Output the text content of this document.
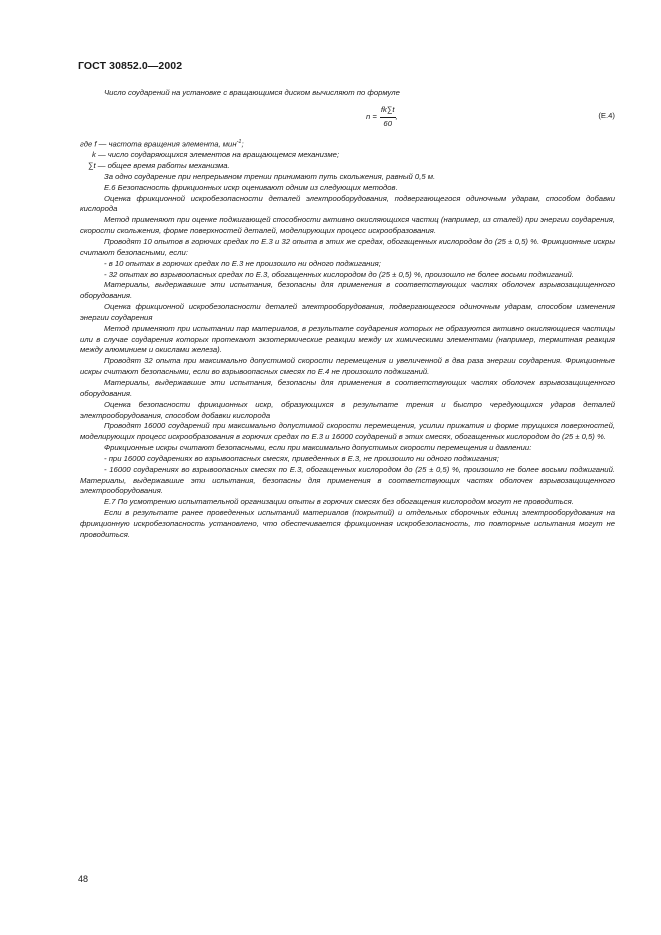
ГОСТ 30852.0—2002

Число соударений на установке с вращающимся диском вычисляют по формуле

$n = \frac{fk\sum t}{60}$ ,	(E.4)

где f — частота вращения элемента, мин$^{-1}$;

k — число соударяющихся элементов на вращающемся механизме;

∑t — общее время работы механизма.

За одно соударение при непрерывном трении принимают путь скольжения, равный 0,5 м.

Е.6 Безопасность фрикционных искр оценивают одним из следующих методов.

Оценка фрикционной искробезопасности деталей электрооборудования, подвергающегося одиночным ударам, способом добавки кислорода

Метод применяют при оценке поджигающей способности активно окисляющихся частиц (например, из сталей) при энергии соударения, скорости скольжения, форме поверхностей деталей, моделирующих процесс искрообразования.

Проводят 10 опытов в горючих средах по Е.3 и 32 опыта в этих же средах, обогащенных кислородом до (25 ± 0,5) %. Фрикционные искры считают безопасными, если:

- в 10 опытах в горючих средах по Е.3 не произошло ни одного поджигания;

- 32 опытах во взрывоопасных средах по Е.3, обогащенных кислородом до (25 ± 0,5) %, произошло не более восьми поджиганий.

Материалы, выдержавшие эти испытания, безопасны для применения в соответствующих частях оболочек взрывозащищенного оборудования.

Оценка фрикционной искробезопасности деталей электрооборудования, подвергающегося одиночным ударам, способом изменения энергии соударения

Метод применяют при испытании пар материалов, в результате соударения которых не образуются активно окисляющиеся частицы или в случае соударения которых протекают экзотермические реакции между их химическими элементами (например, термитная реакция между алюминием и окислами железа).

Проводят 32 опыта при максимально допустимой скорости перемещения и увеличенной в два раза энергии соударения. Фрикционные искры считают безопасными, если во взрывоопасных смесях по Е.4 не произошло поджиганий.

Материалы, выдержавшие эти испытания, безопасны для применения в соответствующих частях оболочек взрывозащищенного оборудования.

Оценка безопасности фрикционных искр, образующихся в результате трения и быстро чередующихся ударов деталей электрооборудования, способом добавки кислорода

Проводят 16000 соударений при максимально допустимой скорости перемещения, усилии прижатия и форме трущихся поверхностей, моделирующих процесс искрообразования в горючих средах по Е.3 и 16000 соударений в этих смесях, обогащенных кислородом до (25 ± 0,5) %.

Фрикционные искры считают безопасными, если при максимально допустимых скорости перемещения и давлении:

- при 16000 соударениях во взрывоопасных смесях, приведенных в Е.3, не произошло ни одного поджигания;

- 16000 соударениях во взрывоопасных смесях по Е.3, обогащенных кислородом до (25 ± 0,5) %, произошло не более восьми поджиганий. Материалы, выдержавшие эти испытания, безопасны для применения в соответствующих частях оболочек взрывозащищенного электрооборудования.

Е.7 По усмотрению испытательной организации опыты в горючих смесях без обогащения кислородом могут не проводиться.

Если в результате ранее проведенных испытаний материалов (покрытий) и отдельных сборочных единиц электрооборудования на фрикционную искробезопасность установлено, что обеспечивается фрикционная искробезопасность, то повторные испытания могут не проводиться.

48
